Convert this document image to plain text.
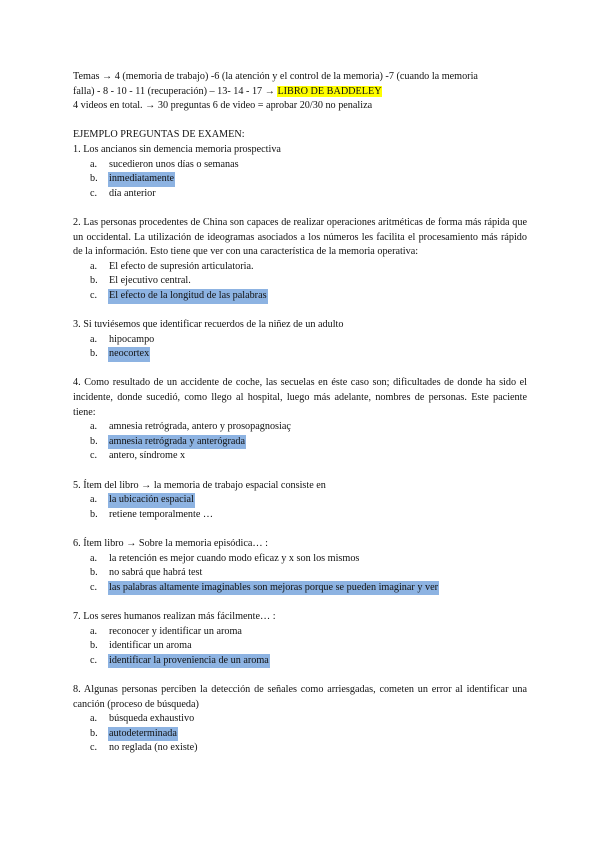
Temas → 4 (memoria de trabajo) -6 (la atención y el control de la memoria) -7 (cuando la memoria
falla) - 8 - 10 - 11 (recuperación) – 13- 14 - 17 → LIBRO DE BADDELEY
4 videos en total. → 30 preguntas 6 de video = aprobar 20/30 no penaliza
EJEMPLO PREGUNTAS DE EXAMEN:
1. Los ancianos sin demencia memoria prospectiva
a. sucedieron unos días o semanas
b. inmediatamente
c. día anterior
2. Las personas procedentes de China son capaces de realizar operaciones aritméticas de forma más rápida que un occidental. La utilización de ideogramas asociados a los números les facilita el procesamiento más rápido de la información. Esto tiene que ver con una característica de la memoria operativa:
a. El efecto de supresión articulatoria.
b. El ejecutivo central.
c. El efecto de la longitud de las palabras
3. Si tuviésemos que identificar recuerdos de la niñez de un adulto
a. hipocampo
b. neocortex
4. Como resultado de un accidente de coche, las secuelas en éste caso son; dificultades de donde ha sido el incidente, donde sucedió, como llego al hospital, luego más adelante, nombres de personas. Este paciente tiene:
a. amnesia retrógrada, antero y prosopagnosiaç
b. amnesia retrógrada y anterógrada
c. antero, síndrome x
5. Ítem del libro → la memoria de trabajo espacial consiste en
a. la ubicación espacial
b. retiene temporalmente …
6. Ítem libro → Sobre la memoria episódica… :
a. la retención es mejor cuando modo eficaz y x son los mismos
b. no sabrá que habrá test
c. las palabras altamente imaginables son mejoras porque se pueden imaginar y ver
7. Los seres humanos realizan más fácilmente… :
a. reconocer y identificar un aroma
b. identificar un aroma
c. identificar la proveniencia de un aroma
8. Algunas personas perciben la detección de señales como arriesgadas, cometen un error al identificar una canción (proceso de búsqueda)
a. búsqueda exhaustivo
b. autodeterminada
c. no reglada (no existe)
